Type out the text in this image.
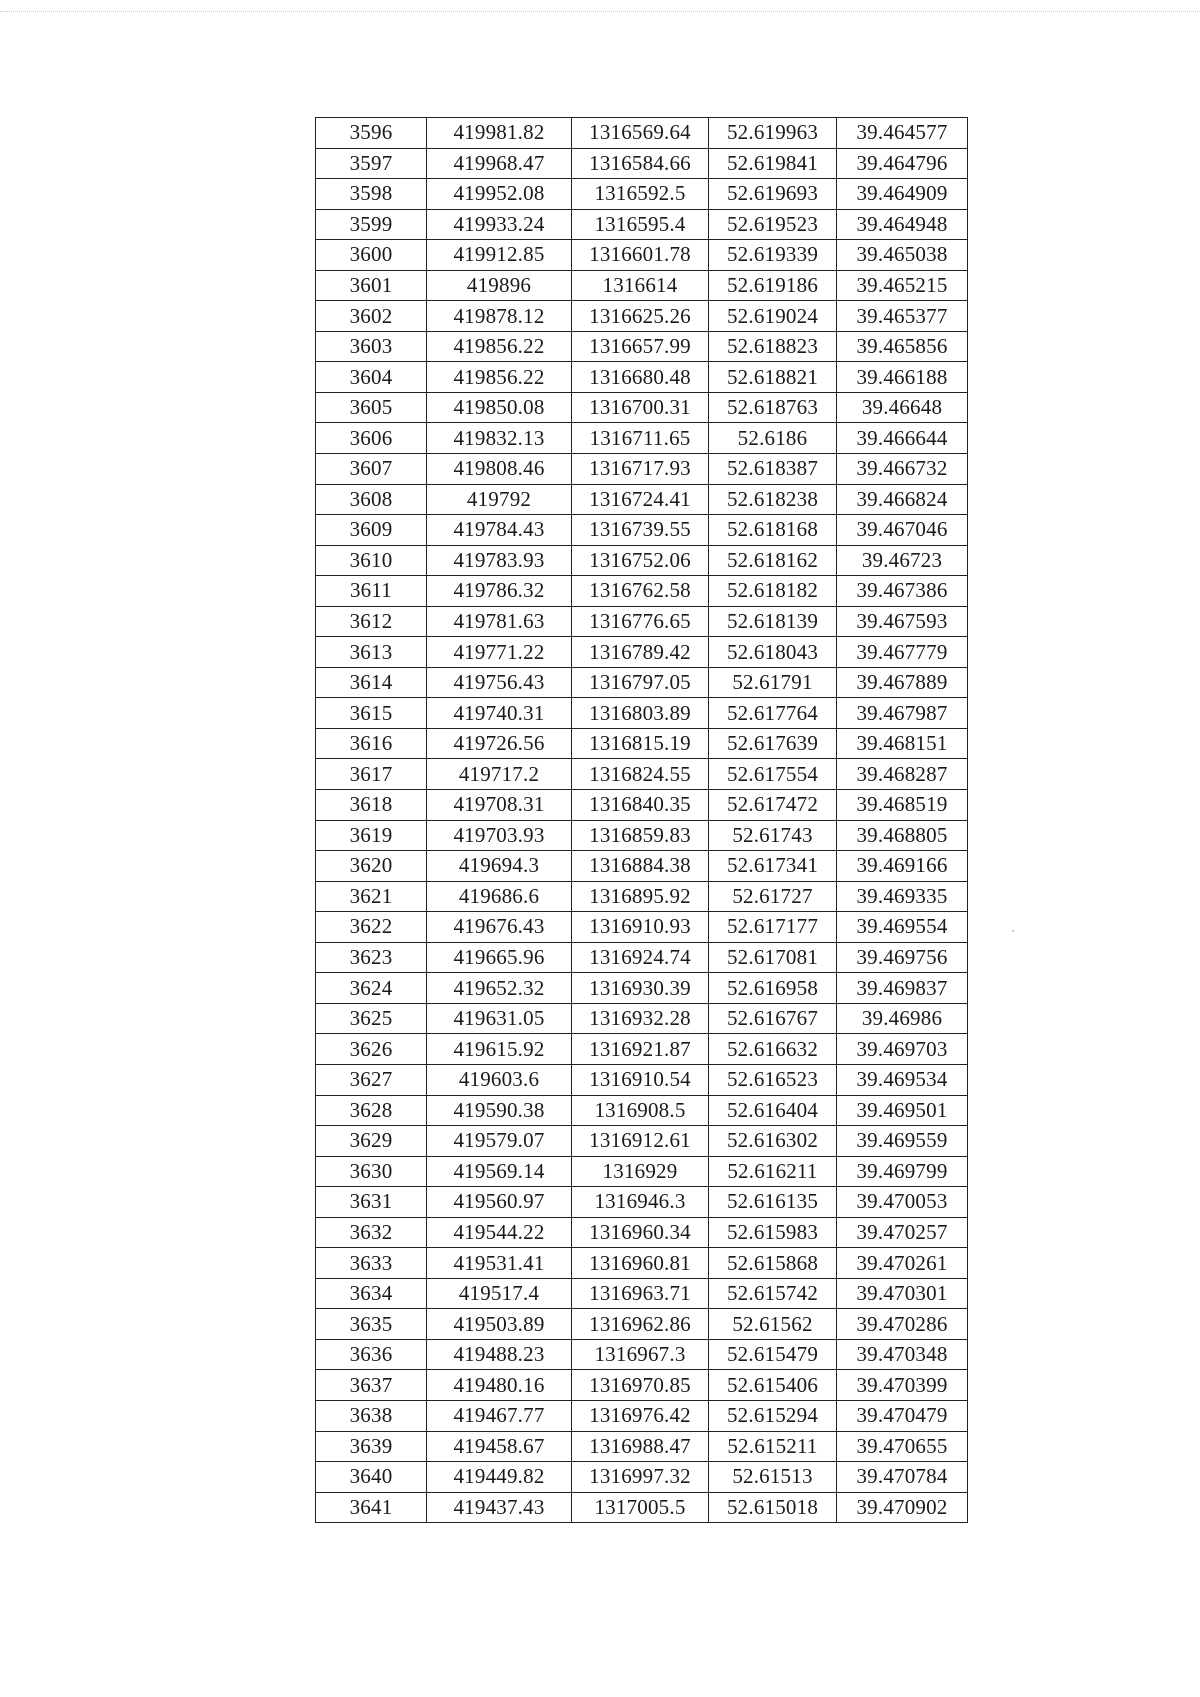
3596	419981.82	1316569.64	52.619963	39.464577
3597	419968.47	1316584.66	52.619841	39.464796
3598	419952.08	1316592.5	52.619693	39.464909
3599	419933.24	1316595.4	52.619523	39.464948
3600	419912.85	1316601.78	52.619339	39.465038
3601	419896	1316614	52.619186	39.465215
3602	419878.12	1316625.26	52.619024	39.465377
3603	419856.22	1316657.99	52.618823	39.465856
3604	419856.22	1316680.48	52.618821	39.466188
3605	419850.08	1316700.31	52.618763	39.46648
3606	419832.13	1316711.65	52.6186	39.466644
3607	419808.46	1316717.93	52.618387	39.466732
3608	419792	1316724.41	52.618238	39.466824
3609	419784.43	1316739.55	52.618168	39.467046
3610	419783.93	1316752.06	52.618162	39.46723
3611	419786.32	1316762.58	52.618182	39.467386
3612	419781.63	1316776.65	52.618139	39.467593
3613	419771.22	1316789.42	52.618043	39.467779
3614	419756.43	1316797.05	52.61791	39.467889
3615	419740.31	1316803.89	52.617764	39.467987
3616	419726.56	1316815.19	52.617639	39.468151
3617	419717.2	1316824.55	52.617554	39.468287
3618	419708.31	1316840.35	52.617472	39.468519
3619	419703.93	1316859.83	52.61743	39.468805
3620	419694.3	1316884.38	52.617341	39.469166
3621	419686.6	1316895.92	52.61727	39.469335
3622	419676.43	1316910.93	52.617177	39.469554
3623	419665.96	1316924.74	52.617081	39.469756
3624	419652.32	1316930.39	52.616958	39.469837
3625	419631.05	1316932.28	52.616767	39.46986
3626	419615.92	1316921.87	52.616632	39.469703
3627	419603.6	1316910.54	52.616523	39.469534
3628	419590.38	1316908.5	52.616404	39.469501
3629	419579.07	1316912.61	52.616302	39.469559
3630	419569.14	1316929	52.616211	39.469799
3631	419560.97	1316946.3	52.616135	39.470053
3632	419544.22	1316960.34	52.615983	39.470257
3633	419531.41	1316960.81	52.615868	39.470261
3634	419517.4	1316963.71	52.615742	39.470301
3635	419503.89	1316962.86	52.61562	39.470286
3636	419488.23	1316967.3	52.615479	39.470348
3637	419480.16	1316970.85	52.615406	39.470399
3638	419467.77	1316976.42	52.615294	39.470479
3639	419458.67	1316988.47	52.615211	39.470655
3640	419449.82	1316997.32	52.61513	39.470784
3641	419437.43	1317005.5	52.615018	39.470902
